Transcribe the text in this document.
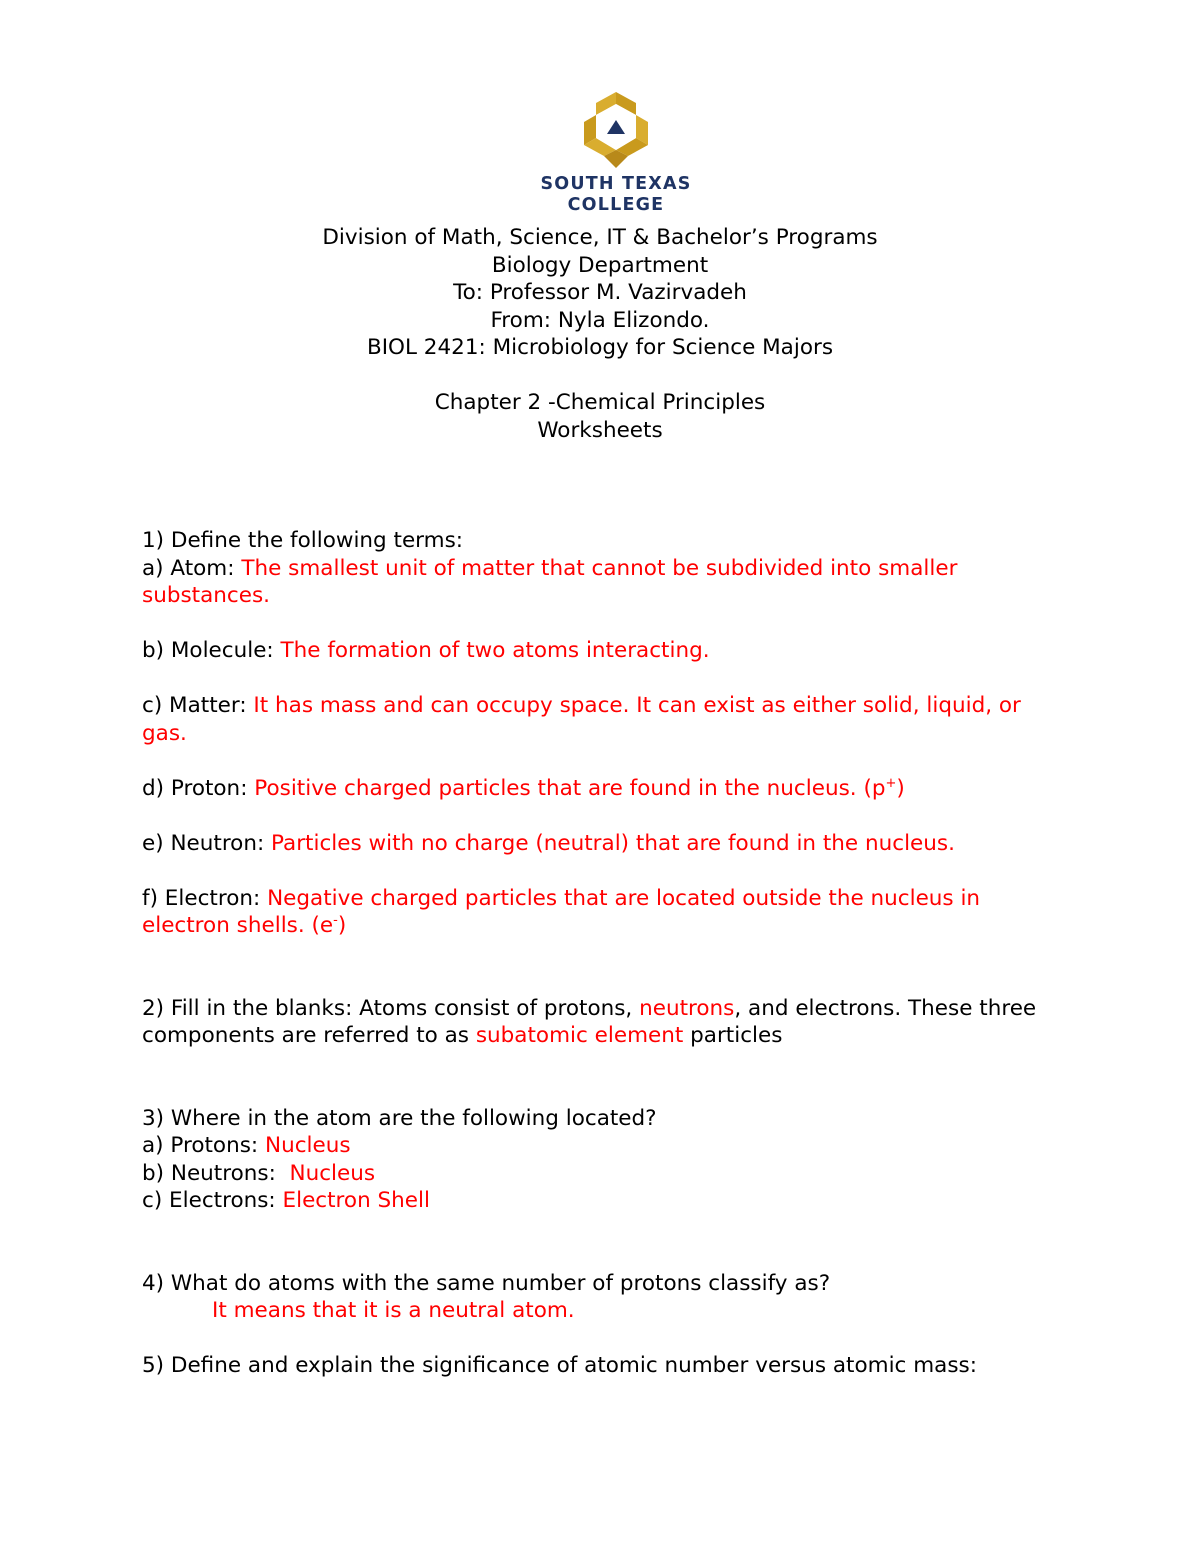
SOUTH TEXAS
COLLEGE
Division of Math, Science, IT & Bachelor’s Programs
Biology Department
To: Professor M. Vazirvadeh
From: Nyla Elizondo.
BIOL 2421: Microbiology for Science Majors
Chapter 2 -Chemical Principles
Worksheets

1) Define the following terms:

a) Atom: The smallest unit of matter that cannot be subdivided into smaller substances.

b) Molecule: The formation of two atoms interacting.

c) Matter: It has mass and can occupy space. It can exist as either solid, liquid, or gas.

d) Proton: Positive charged particles that are found in the nucleus. (p+)

e) Neutron: Particles with no charge (neutral) that are found in the nucleus.

f) Electron: Negative charged particles that are located outside the nucleus in electron shells. (e-)

2) Fill in the blanks: Atoms consist of protons, neutrons, and electrons. These three components are referred to as subatomic element particles

3) Where in the atom are the following located?

a) Protons: Nucleus

b) Neutrons:  Nucleus

c) Electrons: Electron Shell

4) What do atoms with the same number of protons classify as?

It means that it is a neutral atom.

5) Define and explain the significance of atomic number versus atomic mass:
